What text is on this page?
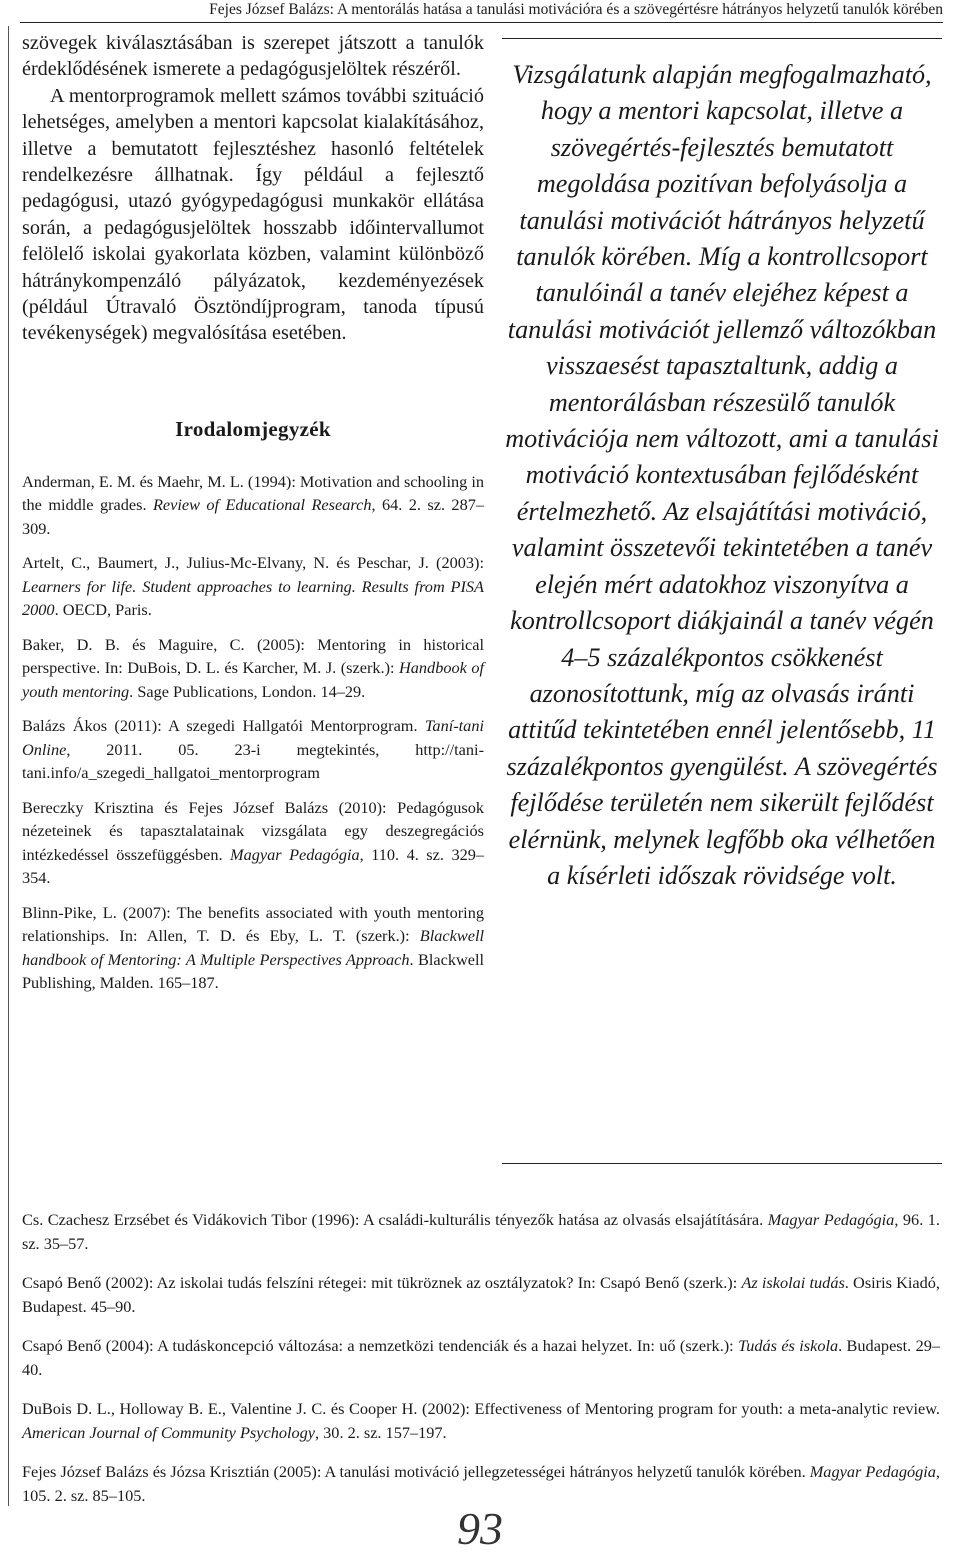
Fejes József Balázs: A mentorálás hatása a tanulási motivációra és a szövegértésre hátrányos helyzetű tanulók körében

szövegek kiválasztásában is szerepet játszott a tanulók érdeklődésének ismerete a pedagógusjelöltek részéről.

A mentorprogramok mellett számos további szituáció lehetséges, amelyben a mentori kapcsolat kialakításához, illetve a bemutatott fejlesztéshez hasonló feltételek rendelkezésre állhatnak. Így például a fejlesztő pedagógusi, utazó gyógypedagógusi munkakör ellátása során, a pedagógusjelöltek hosszabb időintervallumot felölelő iskolai gyakorlata közben, valamint különböző hátránykompenzáló pályázatok, kezdeményezések (például Útravaló Ösztöndíjprogram, tanoda típusú tevékenységek) megvalósítása esetében.

Irodalomjegyzék

Anderman, E. M. és Maehr, M. L. (1994): Motivation and schooling in the middle grades. Review of Educational Research, 64. 2. sz. 287–309.

Artelt, C., Baumert, J., Julius-Mc-Elvany, N. és Peschar, J. (2003): Learners for life. Student approaches to learning. Results from PISA 2000. OECD, Paris.

Baker, D. B. és Maguire, C. (2005): Mentoring in historical perspective. In: DuBois, D. L. és Karcher, M. J. (szerk.): Handbook of youth mentoring. Sage Publications, London. 14–29.

Balázs Ákos (2011): A szegedi Hallgatói Mentorprogram. Taní-tani Online, 2011. 05. 23-i megtekintés, http://tani-tani.info/a_szegedi_hallgatoi_mentorprogram

Bereczky Krisztina és Fejes József Balázs (2010): Pedagógusok nézeteinek és tapasztalatainak vizsgálata egy deszegregációs intézkedéssel összefüggésben. Magyar Pedagógia, 110. 4. sz. 329–354.

Blinn-Pike, L. (2007): The benefits associated with youth mentoring relationships. In: Allen, T. D. és Eby, L. T. (szerk.): Blackwell handbook of Mentoring: A Multiple Perspectives Approach. Blackwell Publishing, Malden. 165–187.

Vizsgálatunk alapján megfogalmazható, hogy a mentori kapcsolat, illetve a szövegértés-fejlesztés bemutatott megoldása pozitívan befolyásolja a tanulási motivációt hátrányos helyzetű tanulók körében. Míg a kontrollcsoport tanulóinál a tanév elejéhez képest a tanulási motivációt jellemző változókban visszaesést tapasztaltunk, addig a mentorálásban részesülő tanulók motivációja nem változott, ami a tanulási motiváció kontextusában fejlődésként értelmezhető. Az elsajátítási motiváció, valamint összetevői tekintetében a tanév elején mért adatokhoz viszonyítva a kontrollcsoport diákjainál a tanév végén 4–5 százalékpontos csökkenést azonosítottunk, míg az olvasás iránti attitűd tekintetében ennél jelentősebb, 11 százalékpontos gyengülést. A szövegértés fejlődése területén nem sikerült fejlődést elérnünk, melynek legfőbb oka vélhetően a kísérleti időszak rövidsége volt.

Cs. Czachesz Erzsébet és Vidákovich Tibor (1996): A családi-kulturális tényezők hatása az olvasás elsajátítására. Magyar Pedagógia, 96. 1. sz. 35–57.

Csapó Benő (2002): Az iskolai tudás felszíni rétegei: mit tükröznek az osztályzatok? In: Csapó Benő (szerk.): Az iskolai tudás. Osiris Kiadó, Budapest. 45–90.

Csapó Benő (2004): A tudáskoncepció változása: a nemzetközi tendenciák és a hazai helyzet. In: uő (szerk.): Tudás és iskola. Budapest. 29–40.

DuBois D. L., Holloway B. E., Valentine J. C. és Cooper H. (2002): Effectiveness of Mentoring program for youth: a meta-analytic review. American Journal of Community Psychology, 30. 2. sz. 157–197.

Fejes József Balázs és Józsa Krisztián (2005): A tanulási motiváció jellegzetességei hátrányos helyzetű tanulók körében. Magyar Pedagógia, 105. 2. sz. 85–105.

93
